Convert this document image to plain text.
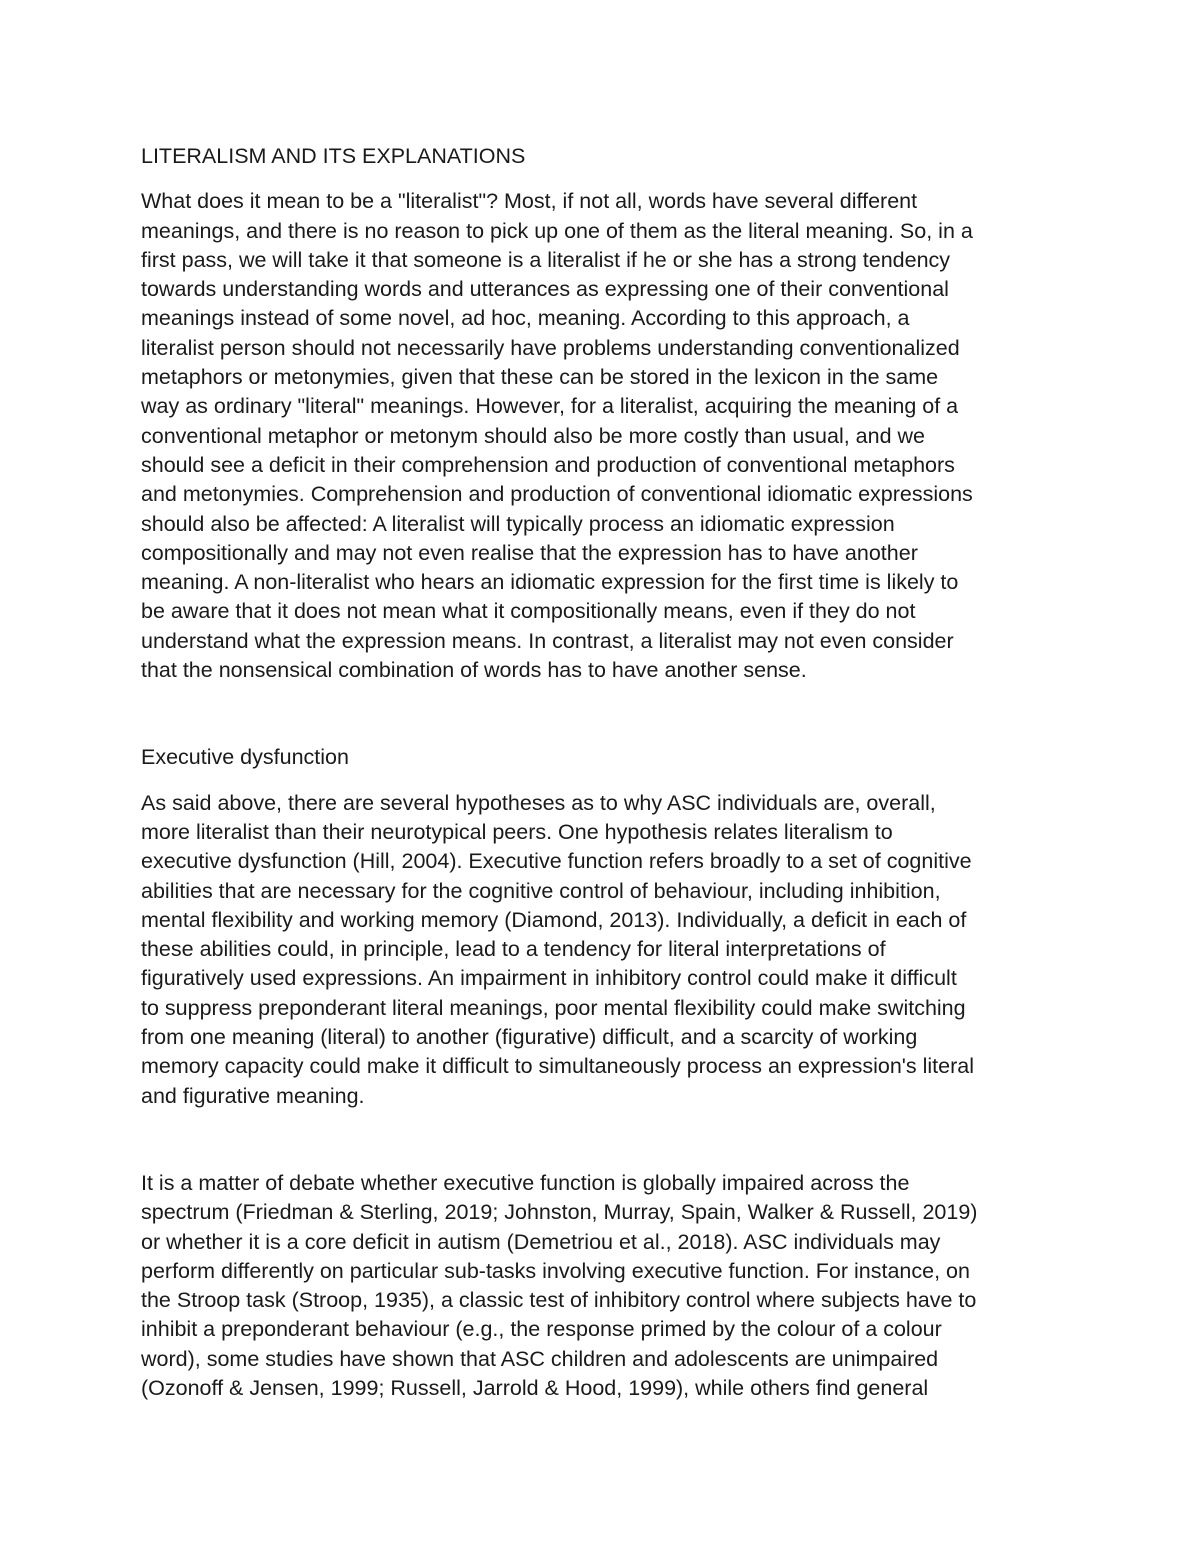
LITERALISM AND ITS EXPLANATIONS
What does it mean to be a "literalist"? Most, if not all, words have several different
meanings, and there is no reason to pick up one of them as the literal meaning. So, in a
first pass, we will take it that someone is a literalist if he or she has a strong tendency
towards understanding words and utterances as expressing one of their conventional
meanings instead of some novel, ad hoc, meaning. According to this approach, a
literalist person should not necessarily have problems understanding conventionalized
metaphors or metonymies, given that these can be stored in the lexicon in the same
way as ordinary "literal" meanings. However, for a literalist, acquiring the meaning of a
conventional metaphor or metonym should also be more costly than usual, and we
should see a deficit in their comprehension and production of conventional metaphors
and metonymies. Comprehension and production of conventional idiomatic expressions
should also be affected: A literalist will typically process an idiomatic expression
compositionally and may not even realise that the expression has to have another
meaning. A non-literalist who hears an idiomatic expression for the first time is likely to
be aware that it does not mean what it compositionally means, even if they do not
understand what the expression means. In contrast, a literalist may not even consider
that the nonsensical combination of words has to have another sense.
Executive dysfunction
As said above, there are several hypotheses as to why ASC individuals are, overall,
more literalist than their neurotypical peers. One hypothesis relates literalism to
executive dysfunction (Hill, 2004). Executive function refers broadly to a set of cognitive
abilities that are necessary for the cognitive control of behaviour, including inhibition,
mental flexibility and working memory (Diamond, 2013). Individually, a deficit in each of
these abilities could, in principle, lead to a tendency for literal interpretations of
figuratively used expressions. An impairment in inhibitory control could make it difficult
to suppress preponderant literal meanings, poor mental flexibility could make switching
from one meaning (literal) to another (figurative) difficult, and a scarcity of working
memory capacity could make it difficult to simultaneously process an expression's literal
and figurative meaning.
It is a matter of debate whether executive function is globally impaired across the
spectrum (Friedman & Sterling, 2019; Johnston, Murray, Spain, Walker & Russell, 2019)
or whether it is a core deficit in autism (Demetriou et al., 2018). ASC individuals may
perform differently on particular sub-tasks involving executive function. For instance, on
the Stroop task (Stroop, 1935), a classic test of inhibitory control where subjects have to
inhibit a preponderant behaviour (e.g., the response primed by the colour of a colour
word), some studies have shown that ASC children and adolescents are unimpaired
(Ozonoff & Jensen, 1999; Russell, Jarrold & Hood, 1999), while others find general
